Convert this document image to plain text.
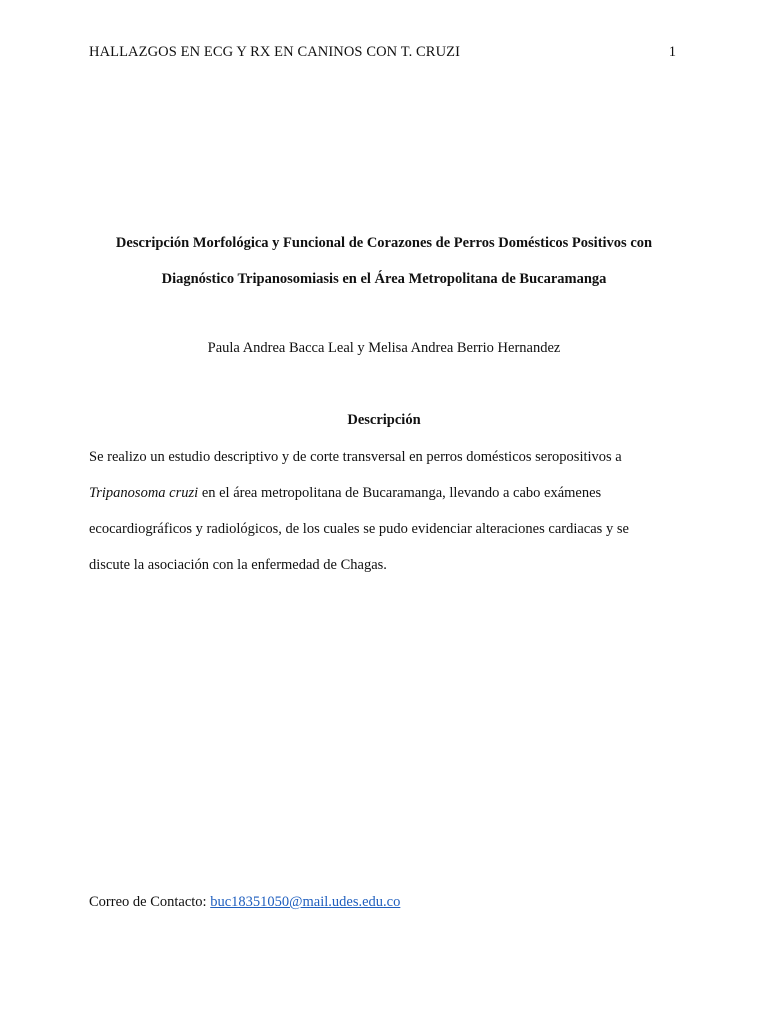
HALLAZGOS EN ECG Y RX EN CANINOS CON T. CRUZI	1
Descripción Morfológica y Funcional de Corazones de Perros Domésticos Positivos con
Diagnóstico Tripanosomiasis en el Área Metropolitana de Bucaramanga
Paula Andrea Bacca Leal y Melisa Andrea Berrio Hernandez
Descripción
Se realizo un estudio descriptivo y de corte transversal en perros domésticos seropositivos a
Tripanosoma cruzi en el área metropolitana de Bucaramanga, llevando a cabo exámenes
ecocardiográficos y radiológicos, de los cuales se pudo evidenciar alteraciones cardiacas y se
discute la asociación con la enfermedad de Chagas.
Correo de Contacto: buc18351050@mail.udes.edu.co
